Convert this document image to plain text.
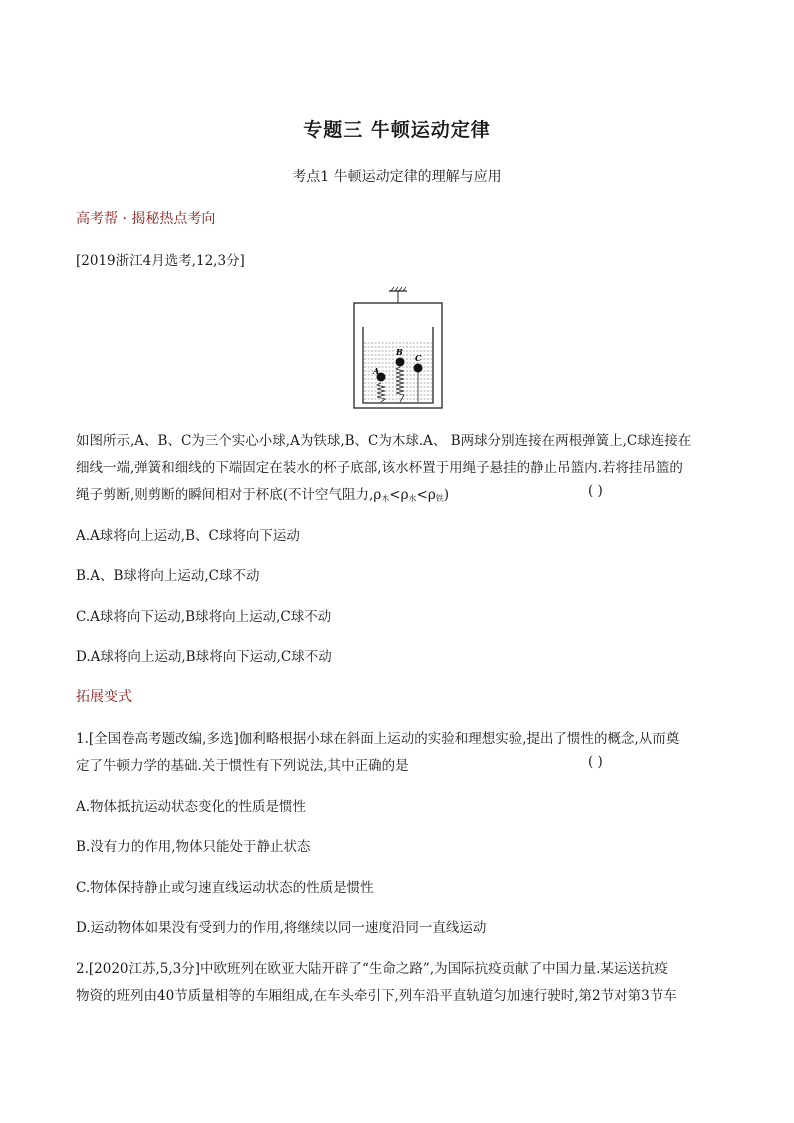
专题三 牛顿运动定律
考点1 牛顿运动定律的理解与应用
高考帮 · 揭秘热点考向
[2019浙江4月选考,12,3分]
A
B
C
如图所示,A、B、C为三个实心小球,A为铁球,B、C为木球.A、 B两球分别连接在两根弹簧上,C球连接在
细线一端,弹簧和细线的下端固定在装水的杯子底部,该水杯置于用绳子悬挂的静止吊篮内.若将挂吊篮的
绳子剪断,则剪断的瞬间相对于杯底(不计空气阻力$,\rho_木<\rho_水<\rho_铁$)	( )
A.A球将向上运动,B、C球将向下运动
B.A、B球将向上运动,C球不动
C.A球将向下运动,B球将向上运动,C球不动
D.A球将向上运动,B球将向下运动,C球不动
拓展变式
1.[全国卷高考题改编,多选]伽利略根据小球在斜面上运动的实验和理想实验,提出了惯性的概念,从而奠
定了牛顿力学的基础.关于惯性有下列说法,其中正确的是	( )
A.物体抵抗运动状态变化的性质是惯性
B.没有力的作用,物体只能处于静止状态
C.物体保持静止或匀速直线运动状态的性质是惯性
D.运动物体如果没有受到力的作用,将继续以同一速度沿同一直线运动
2.[2020江苏,5,3分]中欧班列在欧亚大陆开辟了“生命之路”,为国际抗疫贡献了中国力量.某运送抗疫
物资的班列由40节质量相等的车厢组成,在车头牵引下,列车沿平直轨道匀加速行驶时,第2节对第3节车
